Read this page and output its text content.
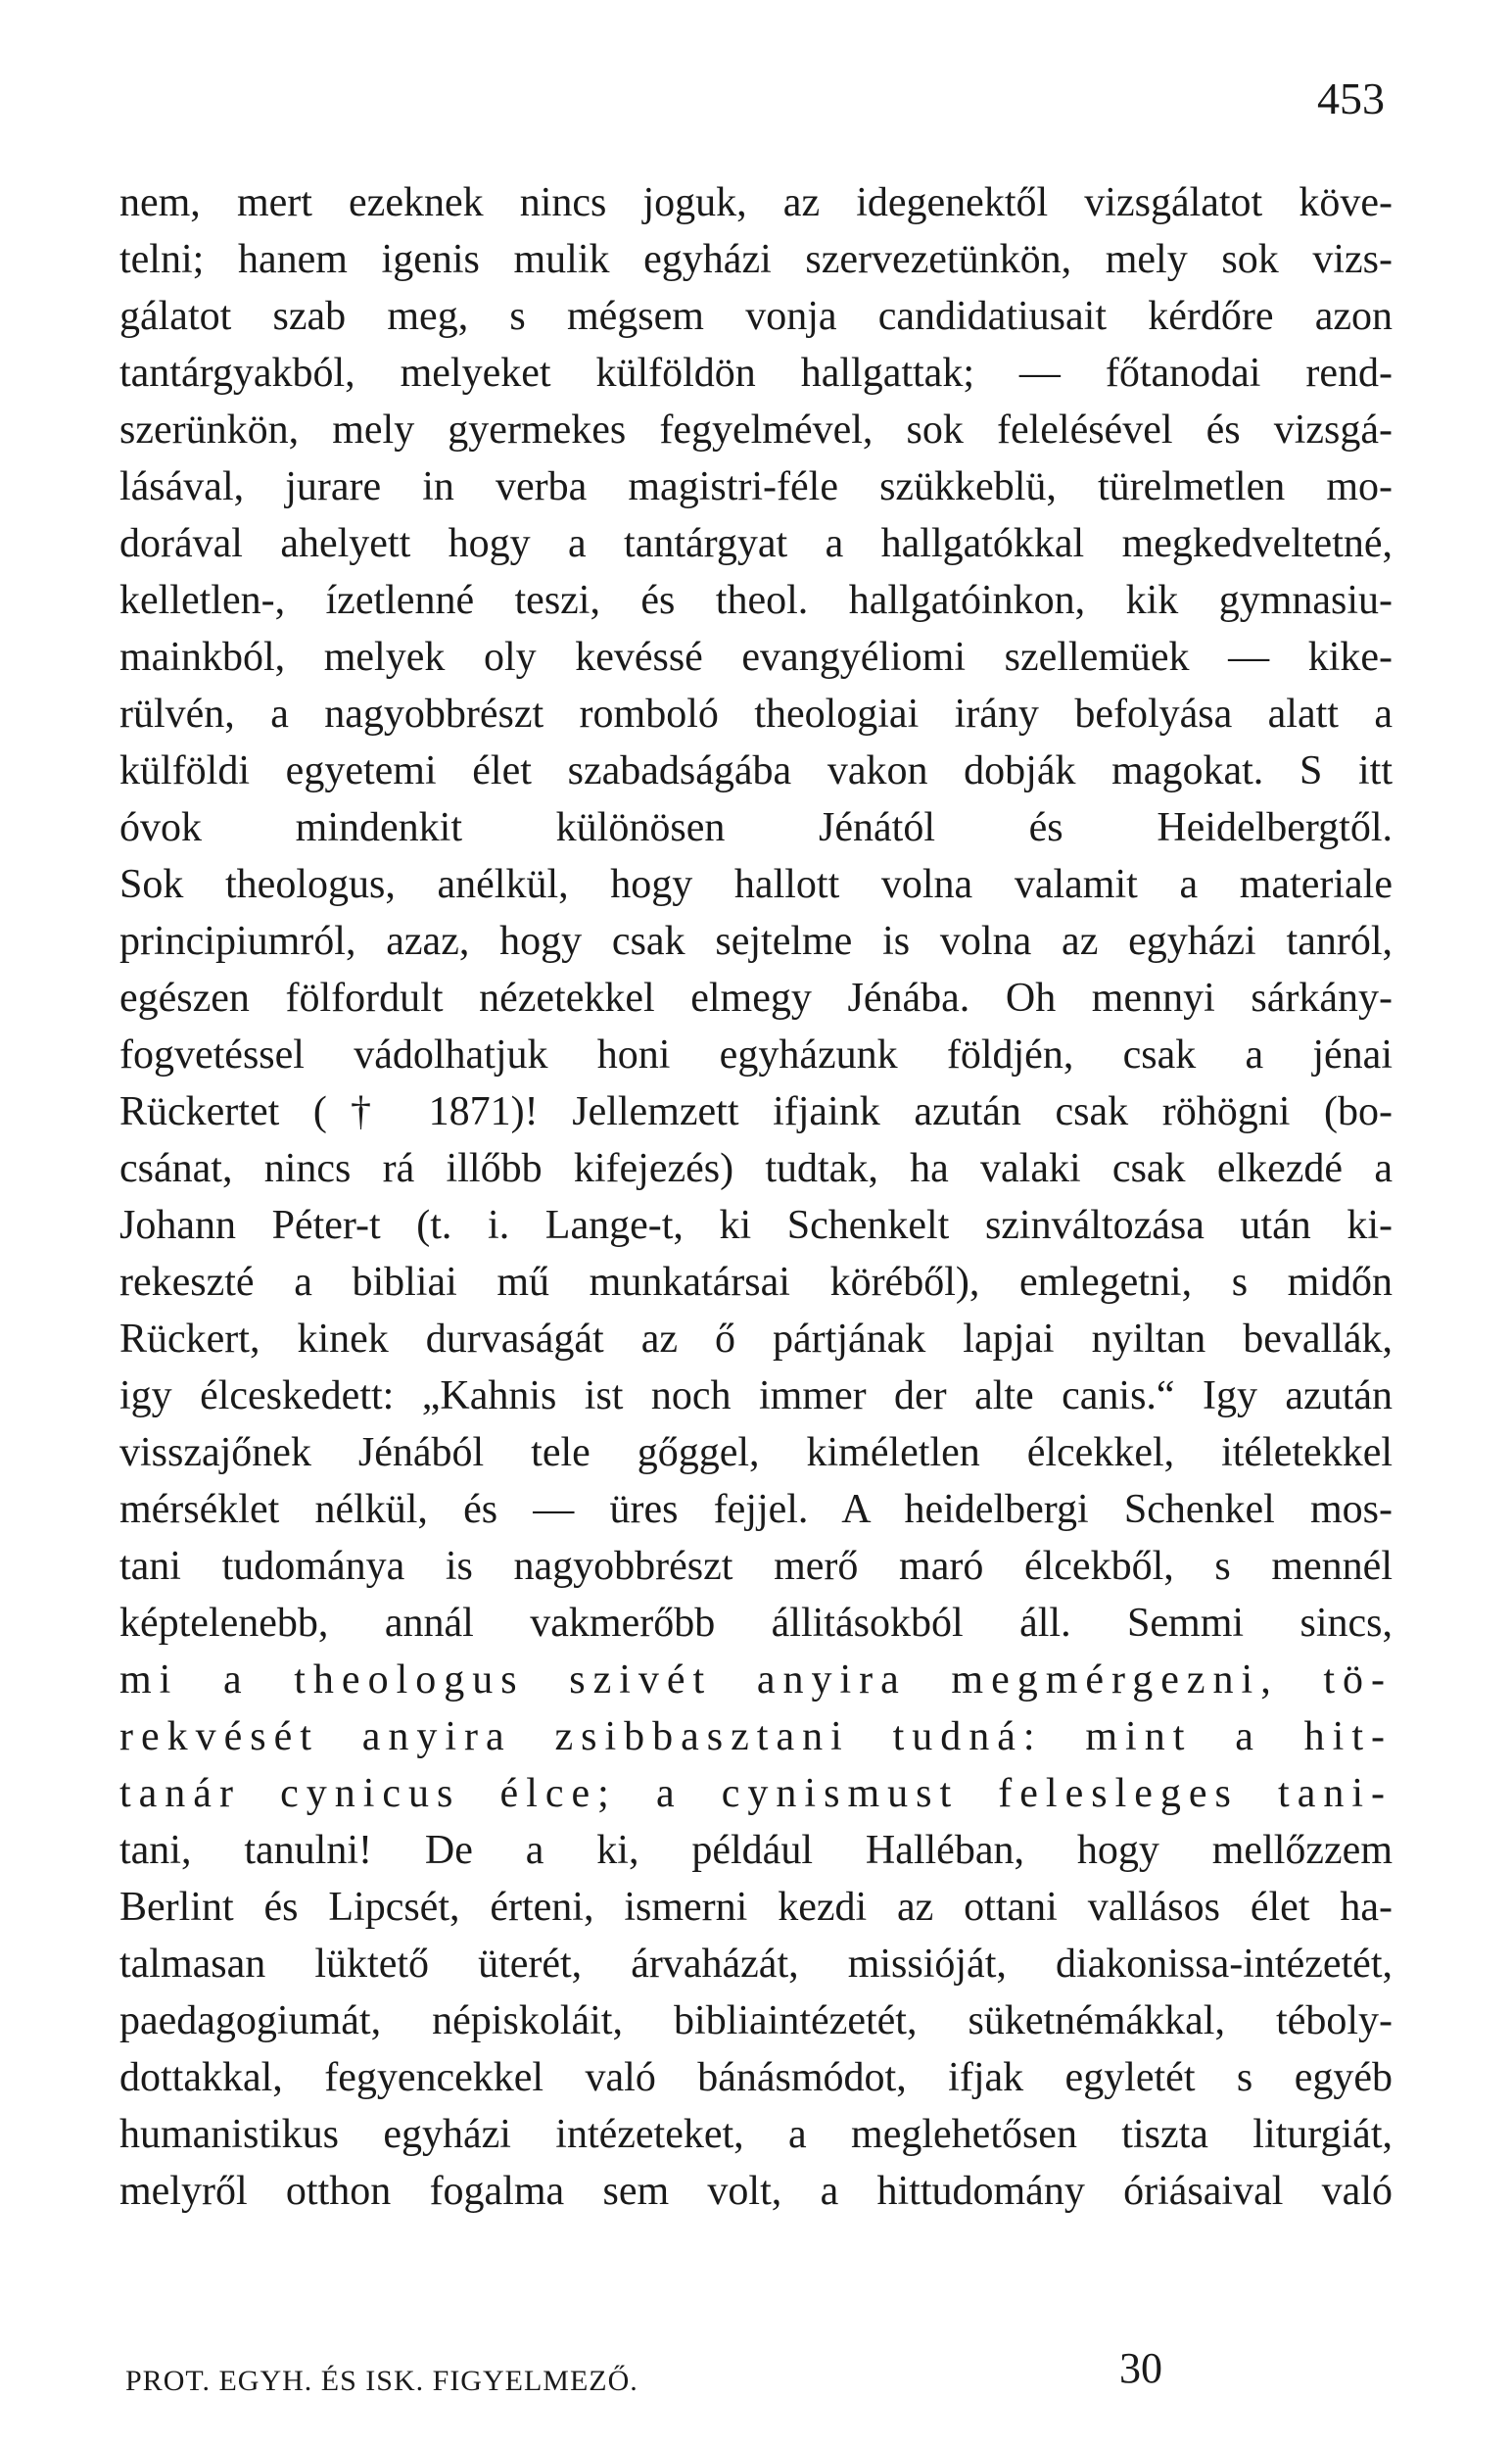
453
nem, mert ezeknek nincs joguk, az idegenektől vizsgálatot köve-
telni; hanem igenis mulik egyházi szervezetünkön, mely sok vizs-
gálatot szab meg, s mégsem vonja candidatiusait kérdőre azon
tantárgyakból, melyeket külföldön hallgattak; — főtanodai rend-
szerünkön, mely gyermekes fegyelmével, sok felelésével és vizsgá-
lásával, jurare in verba magistri-féle szükkeblü, türelmetlen mo-
dorával ahelyett hogy a tantárgyat a hallgatókkal megkedveltetné,
kelletlen-, ízetlenné teszi, és theol. hallgatóinkon, kik gymnasiu-
mainkból, melyek oly kevéssé evangyéliomi szellemüek — kike-
rülvén, a nagyobbrészt romboló theologiai irány befolyása alatt a
külföldi egyetemi élet szabadságába vakon dobják magokat. S itt
óvok mindenkit különösen Jénától és Heidelbergtől.
Sok theologus, anélkül, hogy hallott volna valamit a materiale
principiumról, azaz, hogy csak sejtelme is volna az egyházi tanról,
egészen fölfordult nézetekkel elmegy Jénába. Oh mennyi sárkány-
fogvetéssel vádolhatjuk honi egyházunk földjén, csak a jénai
Rückertet († 1871)! Jellemzett ifjaink azután csak röhögni (bo-
csánat, nincs rá illőbb kifejezés) tudtak, ha valaki csak elkezdé a
Johann Péter-t (t. i. Lange-t, ki Schenkelt szinváltozása után ki-
rekeszté a bibliai mű munkatársai köréből), emlegetni, s midőn
Rückert, kinek durvaságát az ő pártjának lapjai nyiltan bevallák,
igy élceskedett: „Kahnis ist noch immer der alte canis.“ Igy azután
visszajőnek Jénából tele gőggel, kiméletlen élcekkel, itéletekkel
mérséklet nélkül, és — üres fejjel. A heidelbergi Schenkel mos-
tani tudománya is nagyobbrészt merő maró élcekből, s mennél
képtelenebb, annál vakmerőbb állitásokból áll. Semmi sincs,
mi a theologus szivét anyira megmérgezni, tö-
rekvését anyira zsibbasztani tudná: mint a hit-
tanár cynicus élce; a cynismust felesleges tani-
tani, tanulni! De a ki, például Halléban, hogy mellőzzem
Berlint és Lipcsét, érteni, ismerni kezdi az ottani vallásos élet ha-
talmasan lüktető üterét, árvaházát, missióját, diakonissa-intézetét,
paedagogiumát, népiskoláit, bibliaintézetét, süketnémákkal, téboly-
dottakkal, fegyencekkel való bánásmódot, ifjak egyletét s egyéb
humanistikus egyházi intézeteket, a meglehetősen tiszta liturgiát,
melyről otthon fogalma sem volt, a hittudomány óriásaival való
PROT. EGYH. ÉS ISK. FIGYELMEZŐ.	30
